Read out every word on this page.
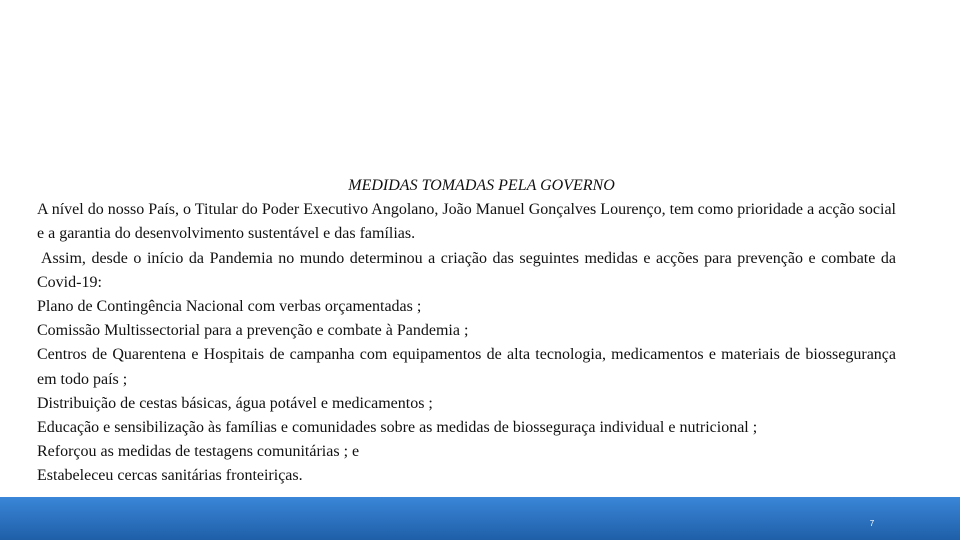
MEDIDAS TOMADAS PELA GOVERNO

A nível do nosso País, o Titular do Poder Executivo Angolano, João Manuel Gonçalves Lourenço, tem como prioridade a acção social e a garantia do desenvolvimento sustentável e das famílias.

Assim, desde o início da Pandemia no mundo determinou a criação das seguintes medidas e acções para prevenção e combate da Covid-19:

Plano de Contingência Nacional com verbas orçamentadas ;

Comissão Multissectorial para a prevenção e combate à Pandemia ;

Centros de Quarentena e Hospitais de campanha com equipamentos de alta tecnologia, medicamentos e materiais de biossegurança em todo país ;

Distribuição de cestas básicas, água potável e medicamentos ;

Educação e sensibilização às famílias e comunidades sobre as medidas de biosseguraça individual e nutricional ;

Reforçou as medidas de testagens comunitárias ; e

Estabeleceu cercas sanitárias fronteiriças.

7
